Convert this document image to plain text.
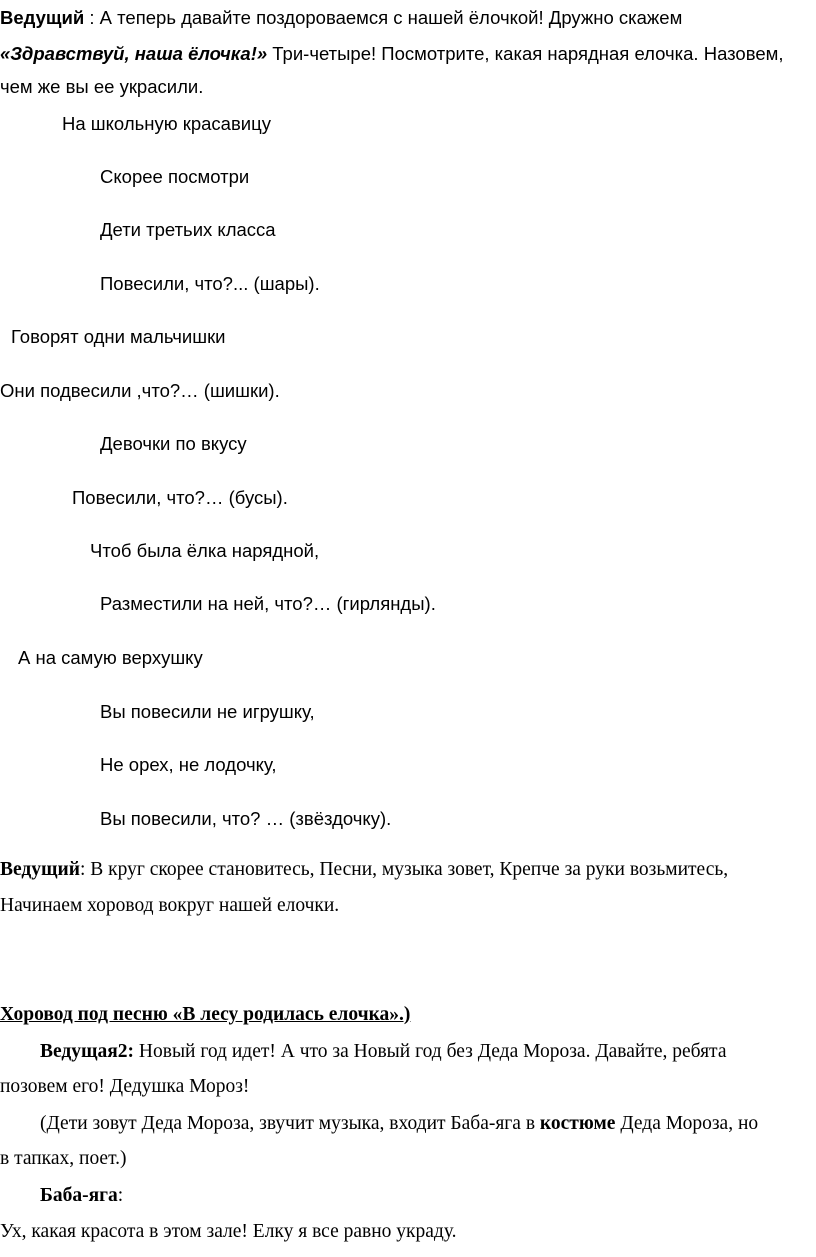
Ведущий : А теперь давайте поздороваемся с нашей ёлочкой! Дружно скажем
«Здравствуй, наша ёлочка!» Три-четыре! Посмотрите, какая нарядная елочка. Назовем,
чем же вы ее украсили.
На школьную красавицу
Скорее посмотри
Дети третьих класса
Повесили, что?... (шары).
Говорят одни мальчишки
Они подвесили ,что?… (шишки).
Девочки по вкусу
Повесили, что?… (бусы).
Чтоб была ёлка нарядной,
Разместили на ней, что?… (гирлянды).
А на самую верхушку
Вы повесили не игрушку,
Не орех, не лодочку,
Вы повесили, что? … (звёздочку).
Ведущий: В круг скорее становитесь, Песни, музыка зовет, Крепче за руки возьмитесь,
Начинаем хоровод вокруг нашей елочки.
Хоровод под песню «В лесу родилась елочка».)
Ведущая2: Новый год идет! А что за Новый год без Деда Мороза. Давайте, ребята
позовем его! Дедушка Мороз!
(Дети зовут Деда Мороза, звучит музыка, входит Баба-яга в костюме Деда Мороза, но
в тапках, поет.)
Баба-яга:
Ух, какая красота в этом зале! Елку я все равно украду.
